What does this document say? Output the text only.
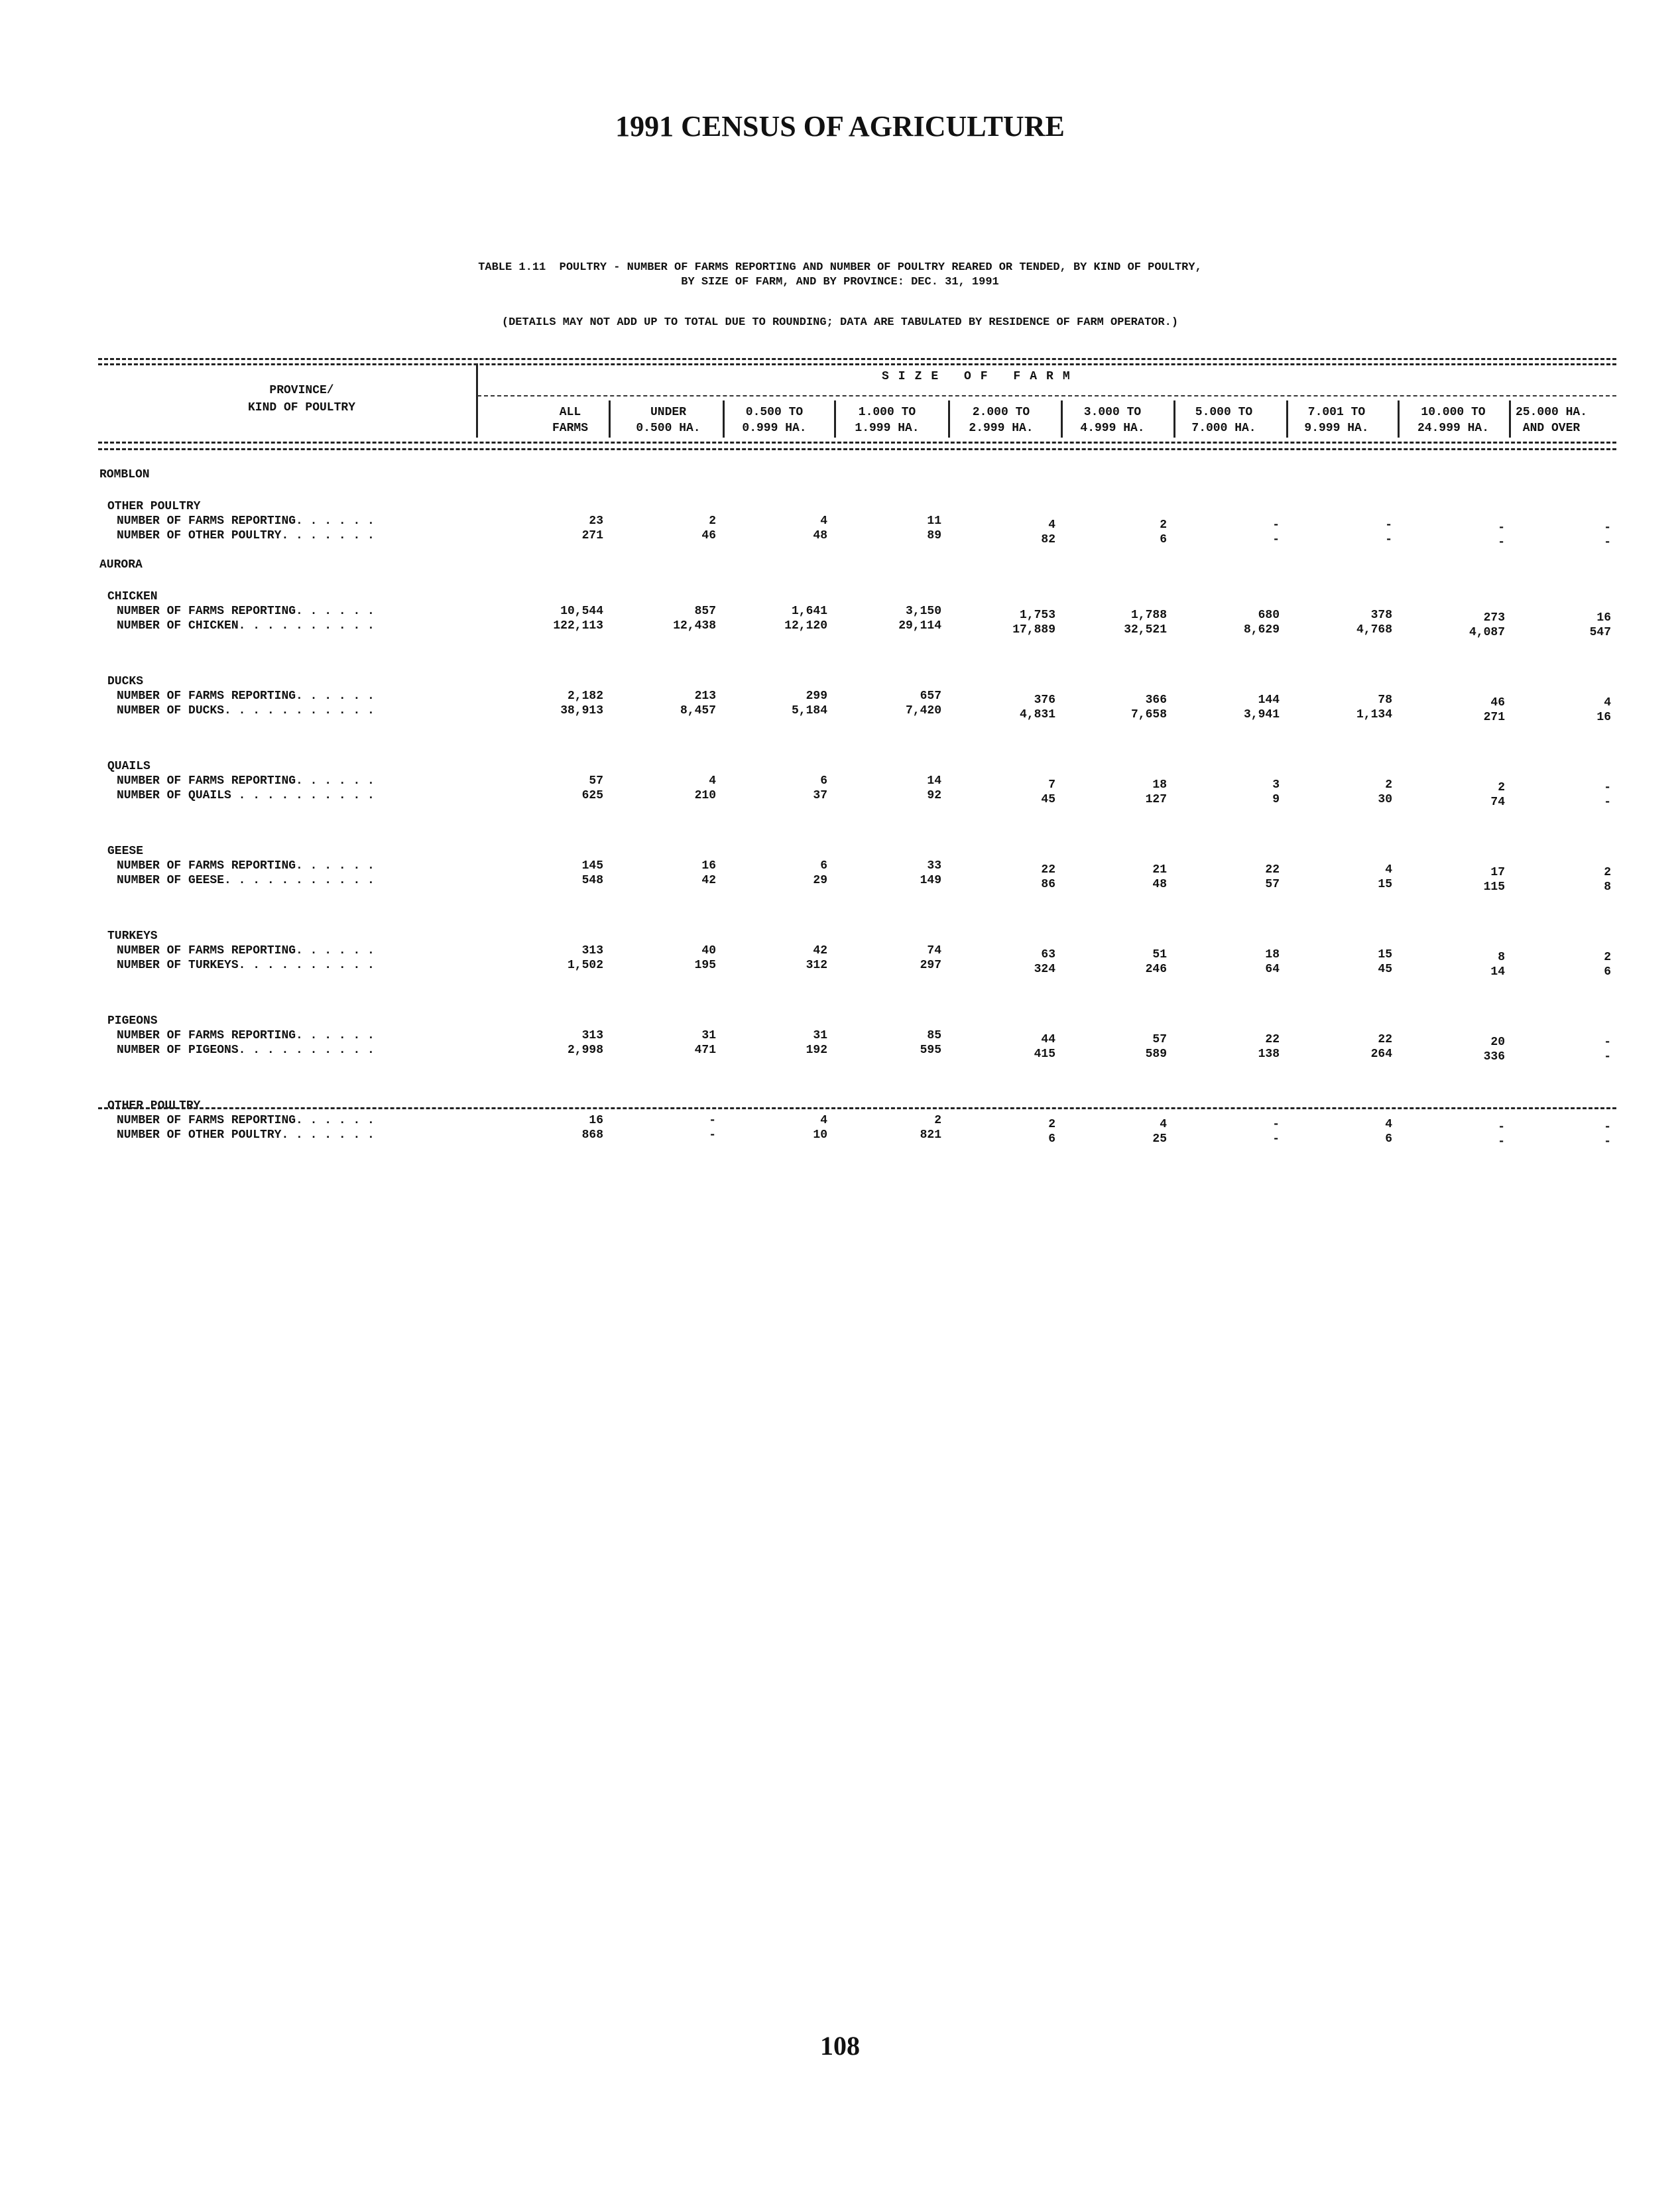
1991 CENSUS OF AGRICULTURE
TABLE 1.11  POULTRY - NUMBER OF FARMS REPORTING AND NUMBER OF POULTRY REARED OR TENDED, BY KIND OF POULTRY,
BY SIZE OF FARM, AND BY PROVINCE: DEC. 31, 1991
(DETAILS MAY NOT ADD UP TO TOTAL DUE TO ROUNDING; DATA ARE TABULATED BY RESIDENCE OF FARM OPERATOR.)
PROVINCE/
KIND OF POULTRY
SIZE OF FARM
ALL
FARMS
UNDER
0.500 HA.
0.500 TO
0.999 HA.
1.000 TO
1.999 HA.
2.000 TO
2.999 HA.
3.000 TO
4.999 HA.
5.000 TO
7.000 HA.
7.001 TO
9.999 HA.
10.000 TO
24.999 HA.
25.000 HA.
AND OVER
ROMBLON
OTHER POULTRY
NUMBER OF FARMS REPORTING. . . . . .	23	2	4	11	4	2	-	-	-	-
NUMBER OF OTHER POULTRY. . . . . . .	271	46	48	89	82	6	-	-	-	-
AURORA
CHICKEN
NUMBER OF FARMS REPORTING. . . . . .	10,544	857	1,641	3,150	1,753	1,788	680	378	273	16
NUMBER OF CHICKEN. . . . . . . . . .	122,113	12,438	12,120	29,114	17,889	32,521	8,629	4,768	4,087	547
DUCKS
NUMBER OF FARMS REPORTING. . . . . .	2,182	213	299	657	376	366	144	78	46	4
NUMBER OF DUCKS. . . . . . . . . . .	38,913	8,457	5,184	7,420	4,831	7,658	3,941	1,134	271	16
QUAILS
NUMBER OF FARMS REPORTING. . . . . .	57	4	6	14	7	18	3	2	2	-
NUMBER OF QUAILS . . . . . . . . . .	625	210	37	92	45	127	9	30	74	-
GEESE
NUMBER OF FARMS REPORTING. . . . . .	145	16	6	33	22	21	22	4	17	2
NUMBER OF GEESE. . . . . . . . . . .	548	42	29	149	86	48	57	15	115	8
TURKEYS
NUMBER OF FARMS REPORTING. . . . . .	313	40	42	74	63	51	18	15	8	2
NUMBER OF TURKEYS. . . . . . . . . .	1,502	195	312	297	324	246	64	45	14	6
PIGEONS
NUMBER OF FARMS REPORTING. . . . . .	313	31	31	85	44	57	22	22	20	-
NUMBER OF PIGEONS. . . . . . . . . .	2,998	471	192	595	415	589	138	264	336	-
OTHER POULTRY
NUMBER OF FARMS REPORTING. . . . . .	16	-	4	2	2	4	-	4	-	-
NUMBER OF OTHER POULTRY. . . . . . .	868	-	10	821	6	25	-	6	-	-
108
